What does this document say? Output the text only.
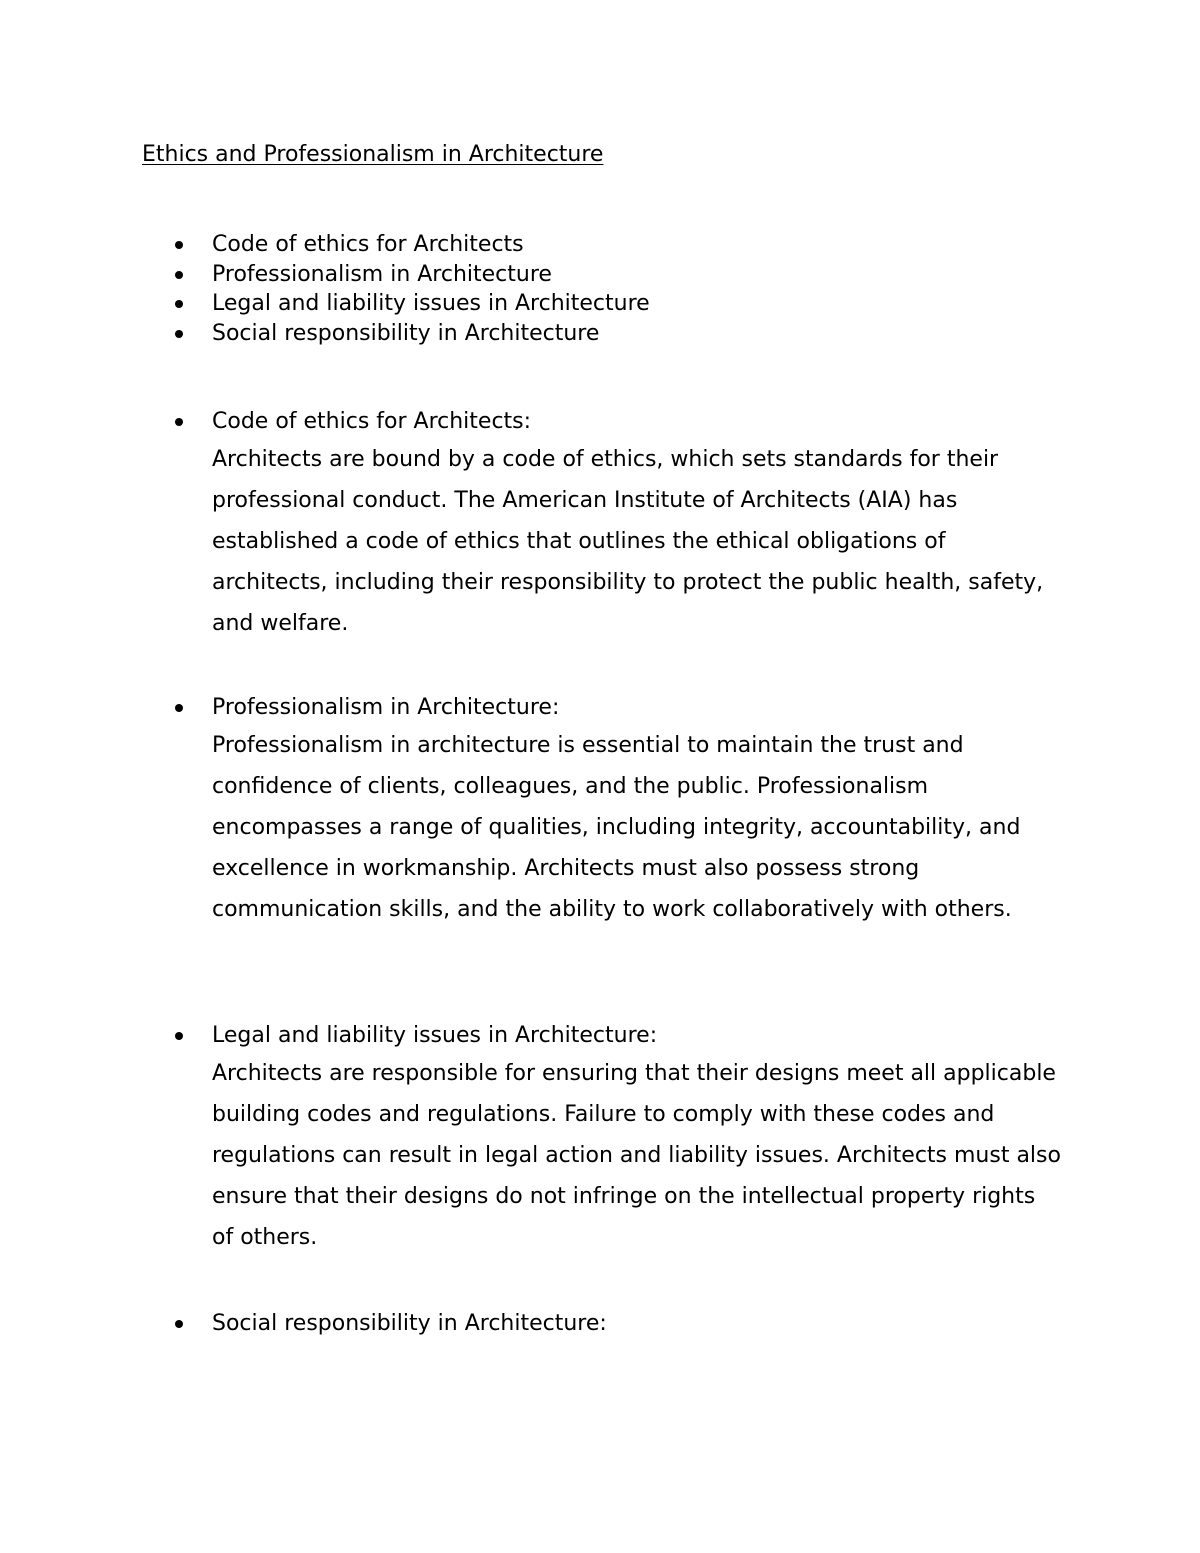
Ethics and Professionalism in Architecture
Code of ethics for Architects
Professionalism in Architecture
Legal and liability issues in Architecture
Social responsibility in Architecture
Code of ethics for Architects:

Architects are bound by a code of ethics, which sets standards for their professional conduct. The American Institute of Architects (AIA) has established a code of ethics that outlines the ethical obligations of architects, including their responsibility to protect the public health, safety, and welfare.

Professionalism in Architecture:

Professionalism in architecture is essential to maintain the trust and confidence of clients, colleagues, and the public. Professionalism encompasses a range of qualities, including integrity, accountability, and excellence in workmanship. Architects must also possess strong communication skills, and the ability to work collaboratively with others.

Legal and liability issues in Architecture:

Architects are responsible for ensuring that their designs meet all applicable building codes and regulations. Failure to comply with these codes and regulations can result in legal action and liability issues. Architects must also ensure that their designs do not infringe on the intellectual property rights of others.

Social responsibility in Architecture:
